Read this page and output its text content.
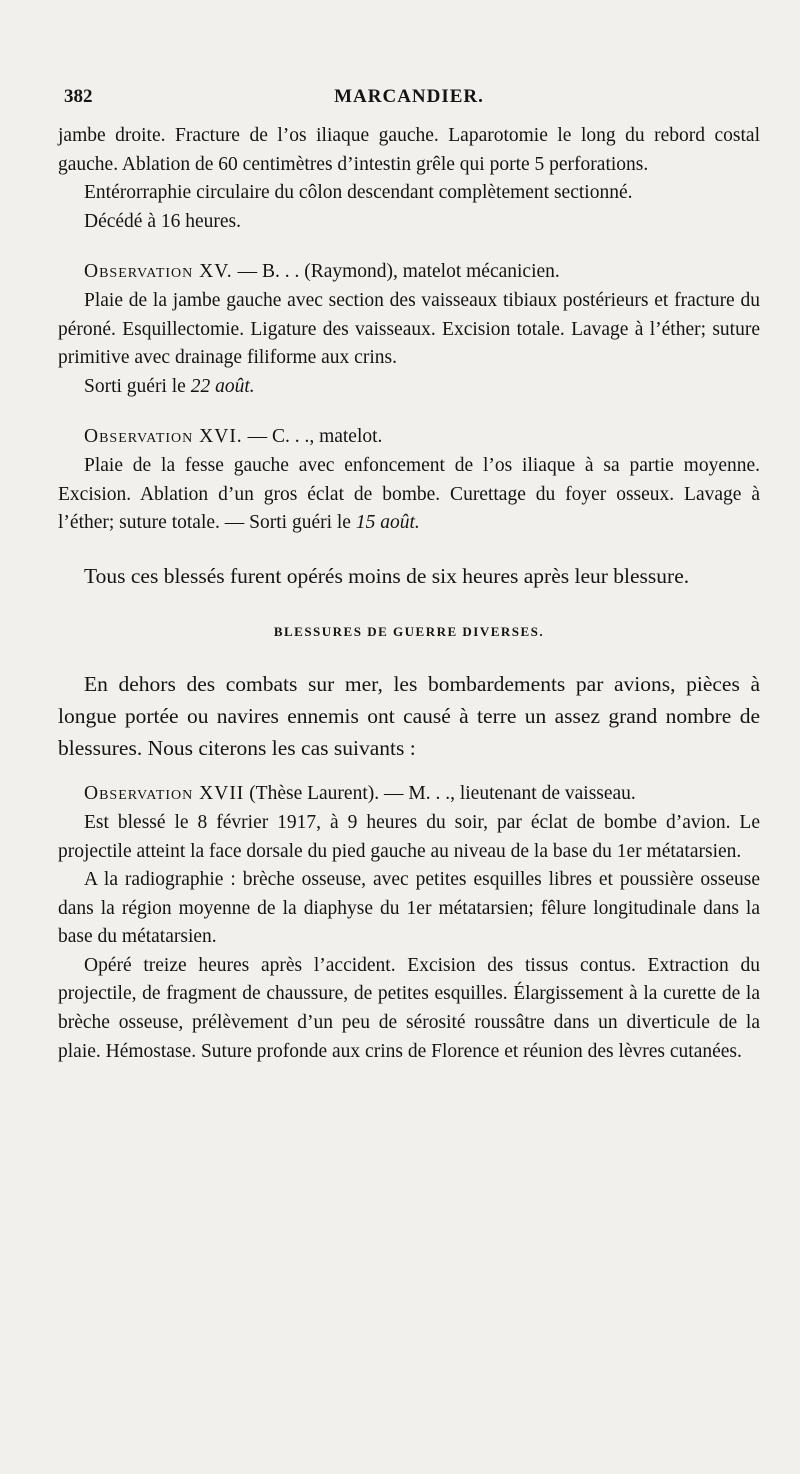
382	MARCANDIER.

jambe droite. Fracture de l’os iliaque gauche. Laparotomie le long du rebord costal gauche. Ablation de 60 centimètres d’intestin grêle qui porte 5 perforations.

Entérorraphie circulaire du côlon descendant complètement sectionné.

Décédé à 16 heures.

Observation XV. — B. . . (Raymond), matelot mécanicien.

Plaie de la jambe gauche avec section des vaisseaux tibiaux postérieurs et fracture du péroné. Esquillectomie. Ligature des vaisseaux. Excision totale. Lavage à l’éther; suture primitive avec drainage filiforme aux crins.

Sorti guéri le 22 août.

Observation XVI. — C. . ., matelot.

Plaie de la fesse gauche avec enfoncement de l’os iliaque à sa partie moyenne. Excision. Ablation d’un gros éclat de bombe. Curettage du foyer osseux. Lavage à l’éther; suture totale. — Sorti guéri le 15 août.

Tous ces blessés furent opérés moins de six heures après leur blessure.

BLESSURES DE GUERRE DIVERSES.

En dehors des combats sur mer, les bombardements par avions, pièces à longue portée ou navires ennemis ont causé à terre un assez grand nombre de blessures. Nous citerons les cas suivants :

Observation XVII (Thèse Laurent). — M. . ., lieutenant de vaisseau.

Est blessé le 8 février 1917, à 9 heures du soir, par éclat de bombe d’avion. Le projectile atteint la face dorsale du pied gauche au niveau de la base du 1er métatarsien.

A la radiographie : brèche osseuse, avec petites esquilles libres et poussière osseuse dans la région moyenne de la diaphyse du 1er métatarsien; fêlure longitudinale dans la base du métatarsien.

Opéré treize heures après l’accident. Excision des tissus contus. Extraction du projectile, de fragment de chaussure, de petites esquilles. Élargissement à la curette de la brèche osseuse, prélèvement d’un peu de sérosité roussâtre dans un diverticule de la plaie. Hémostase. Suture profonde aux crins de Florence et réunion des lèvres cutanées.
